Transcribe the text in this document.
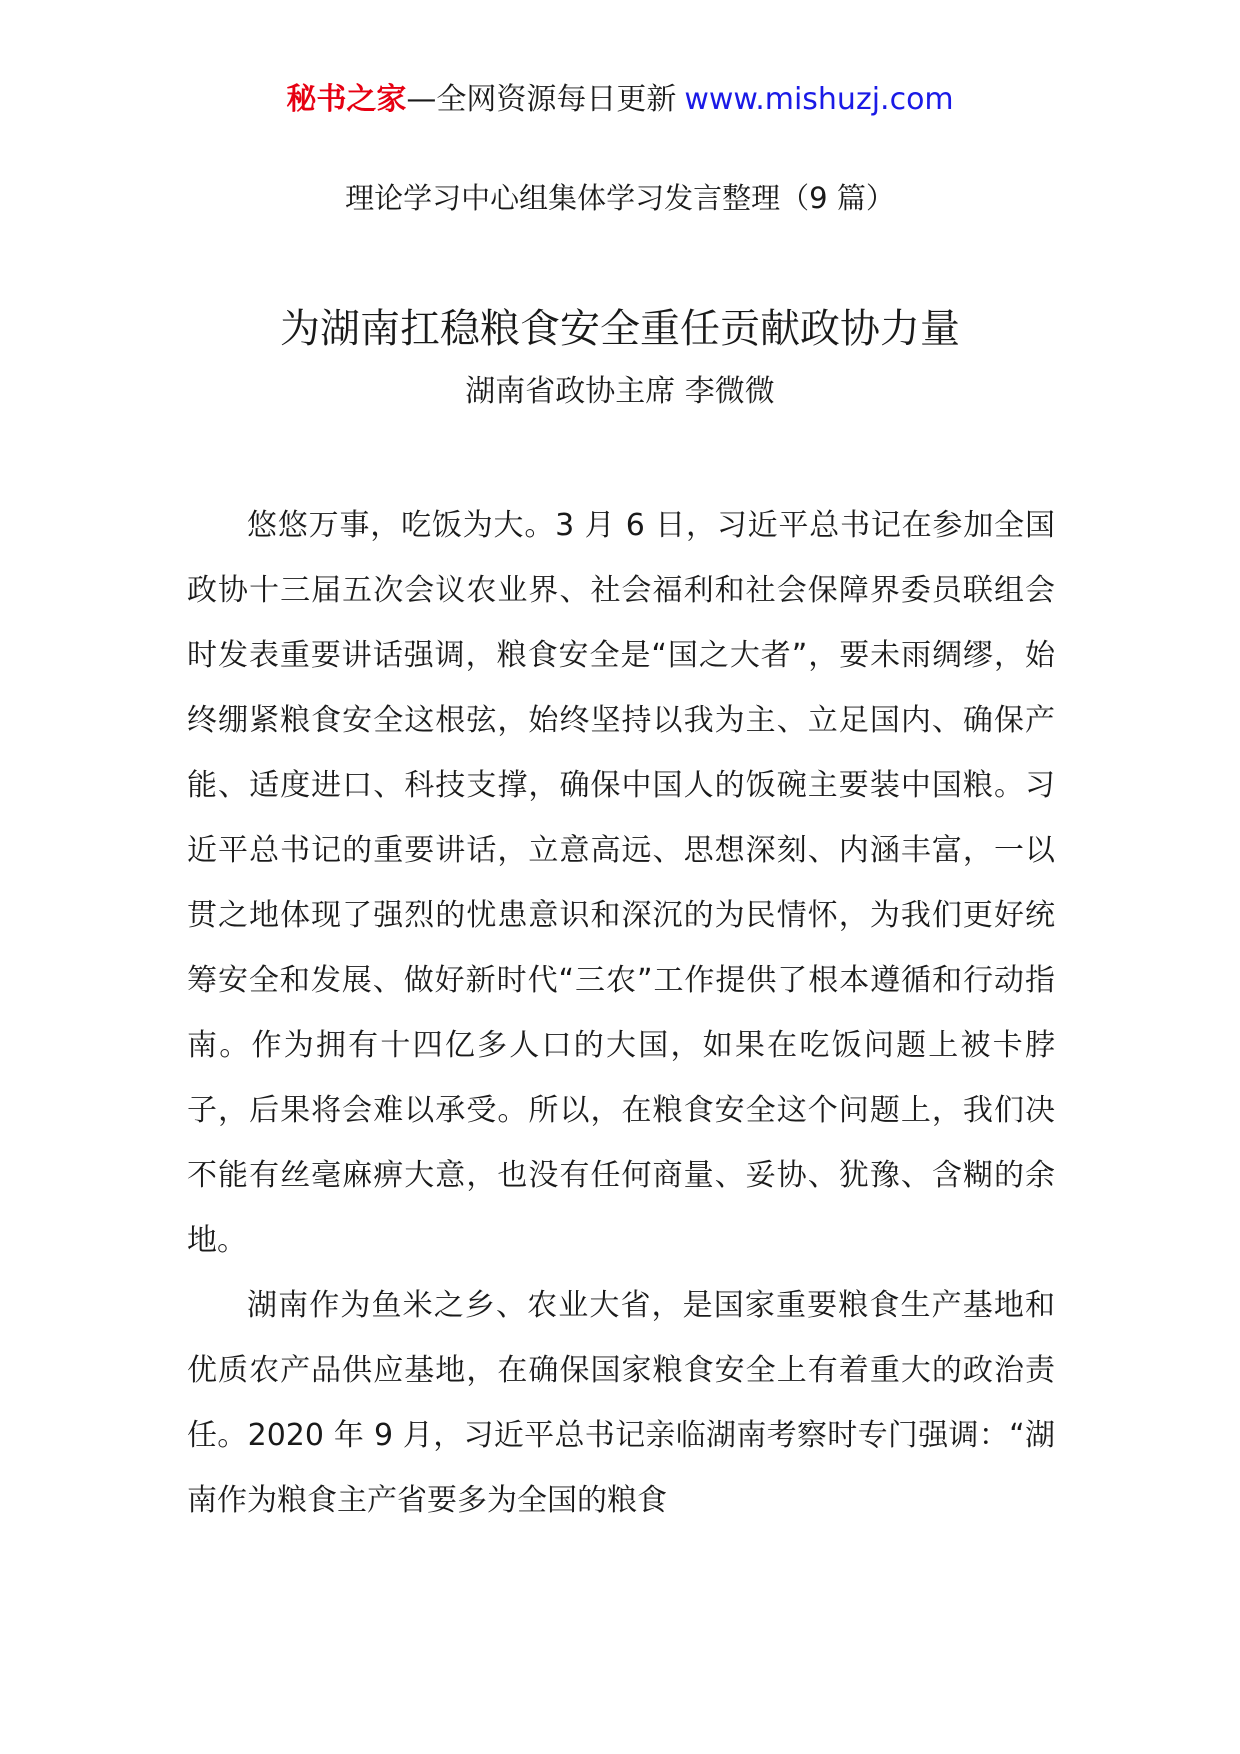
秘书之家—全网资源每日更新 www.mishuzj.com
理论学习中心组集体学习发言整理（9 篇）
为湖南扛稳粮食安全重任贡献政协力量
湖南省政协主席 李微微

悠悠万事，吃饭为大。3 月 6 日，习近平总书记在参加全国政协十三届五次会议农业界、社会福利和社会保障界委员联组会时发表重要讲话强调，粮食安全是“国之大者”，要未雨绸缪，始终绷紧粮食安全这根弦，始终坚持以我为主、立足国内、确保产能、适度进口、科技支撑，确保中国人的饭碗主要装中国粮。习近平总书记的重要讲话，立意高远、思想深刻、内涵丰富，一以贯之地体现了强烈的忧患意识和深沉的为民情怀，为我们更好统筹安全和发展、做好新时代“三农”工作提供了根本遵循和行动指南。作为拥有十四亿多人口的大国，如果在吃饭问题上被卡脖子，后果将会难以承受。所以，在粮食安全这个问题上，我们决不能有丝毫麻痹大意，也没有任何商量、妥协、犹豫、含糊的余地。

湖南作为鱼米之乡、农业大省，是国家重要粮食生产基地和优质农产品供应基地，在确保国家粮食安全上有着重大的政治责任。2020 年 9 月，习近平总书记亲临湖南考察时专门强调：“湖南作为粮食主产省要多为全国的粮食
